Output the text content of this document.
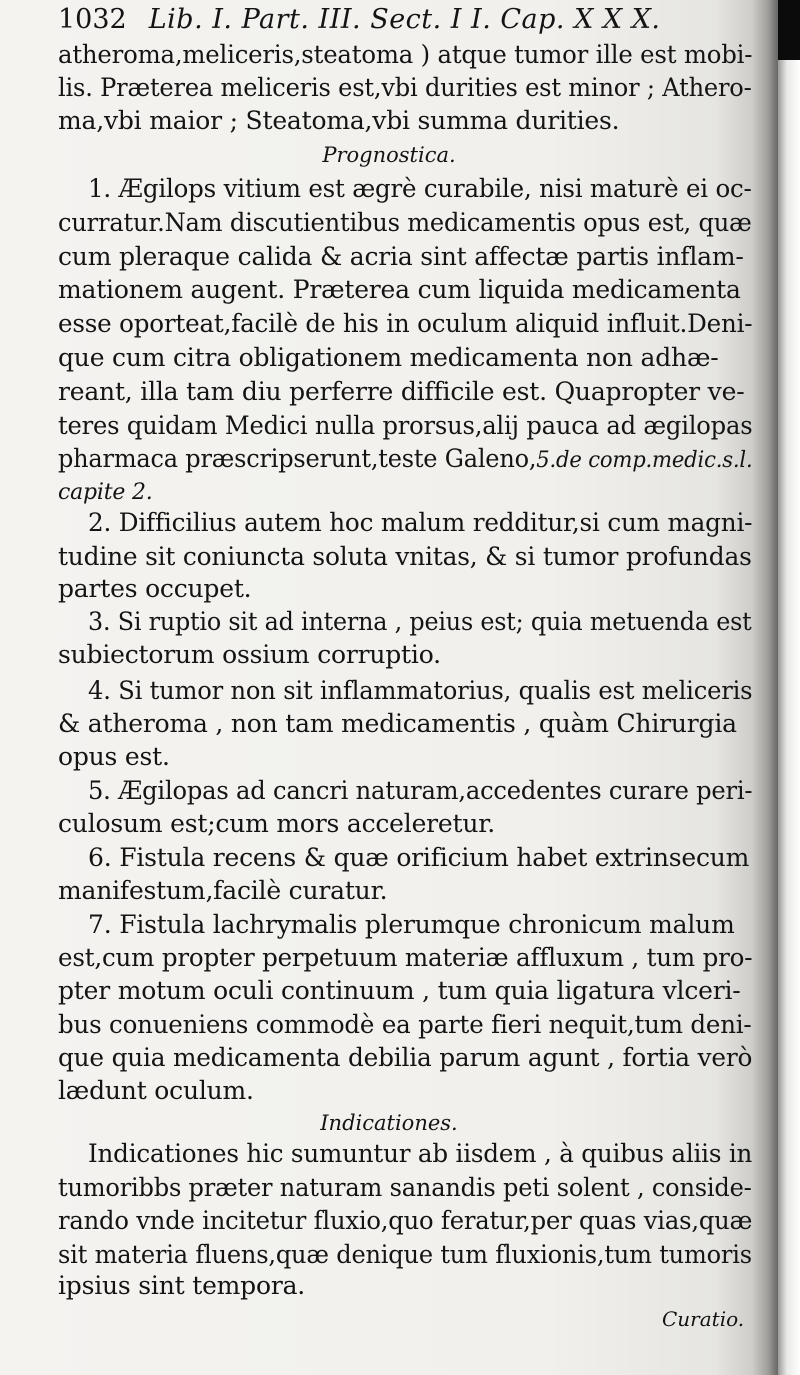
1032 Lib. I. Part. III. Sect. I I. Cap. X X X.
atheroma,meliceris,steatoma ) atque tumor ille est mobi-
lis. Præterea meliceris est,vbi durities est minor ; Athero-
ma,vbi maior ; Steatoma,vbi summa durities.
Prognostica.
1. Ægilops vitium est ægrè curabile, nisi maturè ei oc-
curratur.Nam discutientibus medicamentis opus est, quæ
cum pleraque calida & acria sint affectæ partis inflam-
mationem augent. Præterea cum liquida medicamenta
esse oporteat,facilè de his in oculum aliquid influit.Deni-
que cum citra obligationem medicamenta non adhæ-
reant, illa tam diu perferre difficile est. Quapropter ve-
teres quidam Medici nulla prorsus,alij pauca ad ægilopas
pharmaca præscripserunt,teste Galeno,5.de comp.medic.s.l.
capite 2.
2. Difficilius autem hoc malum redditur,si cum magni-
tudine sit coniuncta soluta vnitas, & si tumor profundas
partes occupet.
3. Si ruptio sit ad interna , peius est; quia metuenda est
subiectorum ossium corruptio.
4. Si tumor non sit inflammatorius, qualis est meliceris
& atheroma , non tam medicamentis , quàm Chirurgia
opus est.
5. Ægilopas ad cancri naturam,accedentes curare peri-
culosum est;cum mors acceleretur.
6. Fistula recens & quæ orificium habet extrinsecum
manifestum,facilè curatur.
7. Fistula lachrymalis plerumque chronicum malum
est,cum propter perpetuum materiæ affluxum , tum pro-
pter motum oculi continuum , tum quia ligatura vlceri-
bus conueniens commodè ea parte fieri nequit,tum deni-
que quia medicamenta debilia parum agunt , fortia verò
lædunt oculum.
Indicationes.
Indicationes hic sumuntur ab iisdem , à quibus aliis in
tumoribbs præter naturam sanandis peti solent , conside-
rando vnde incitetur fluxio,quo feratur,per quas vias,quæ
sit materia fluens,quæ denique tum fluxionis,tum tumoris
ipsius sint tempora.
Curatio.
